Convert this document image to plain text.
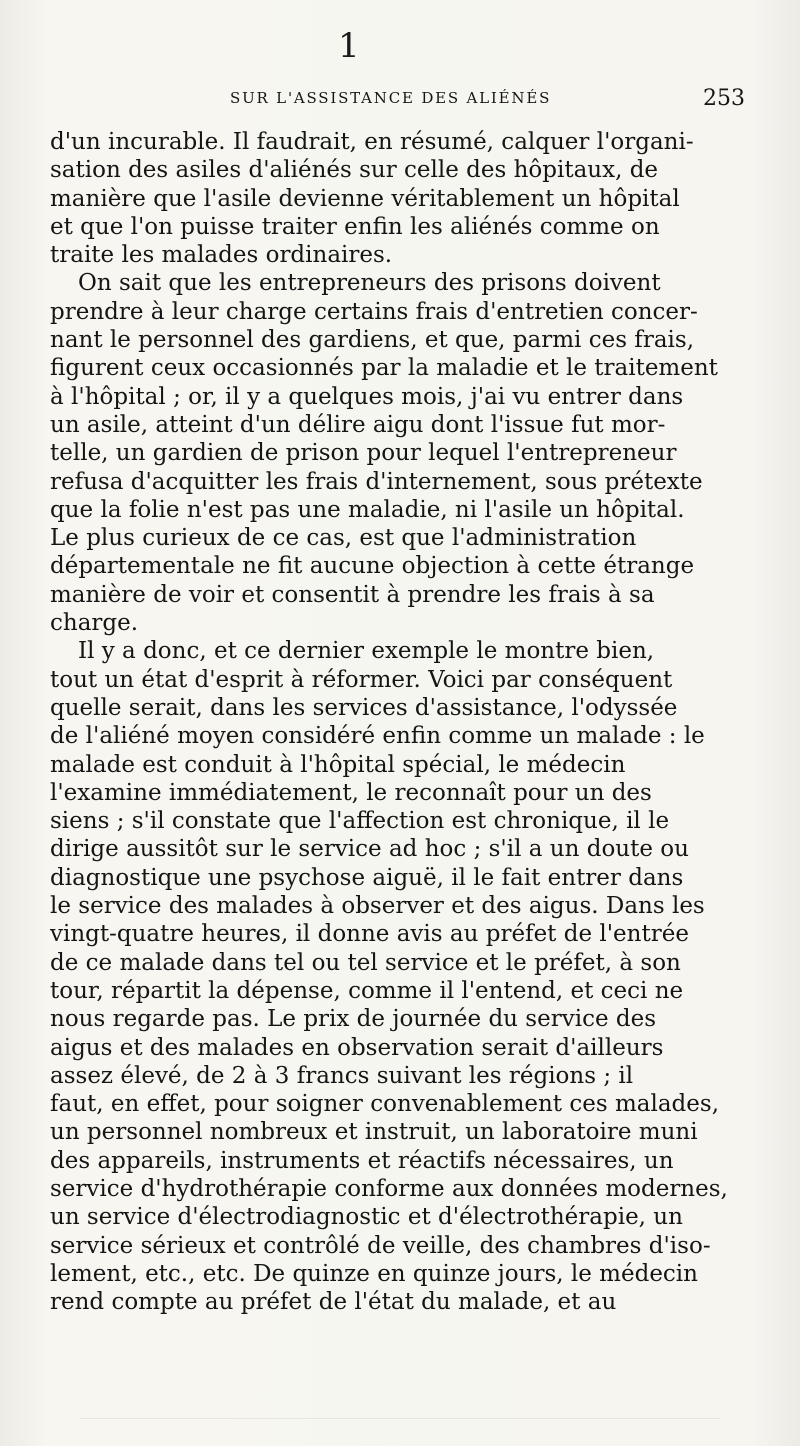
1
SUR L'ASSISTANCE DES ALIÉNÉS	253
d'un incurable. Il faudrait, en résumé, calquer l'organi-
sation des asiles d'aliénés sur celle des hôpitaux, de
manière que l'asile devienne véritablement un hôpital
et que l'on puisse traiter enfin les aliénés comme on
traite les malades ordinaires.
On sait que les entrepreneurs des prisons doivent
prendre à leur charge certains frais d'entretien concer-
nant le personnel des gardiens, et que, parmi ces frais,
figurent ceux occasionnés par la maladie et le traitement
à l'hôpital ; or, il y a quelques mois, j'ai vu entrer dans
un asile, atteint d'un délire aigu dont l'issue fut mor-
telle, un gardien de prison pour lequel l'entrepreneur
refusa d'acquitter les frais d'internement, sous prétexte
que la folie n'est pas une maladie, ni l'asile un hôpital.
Le plus curieux de ce cas, est que l'administration
départementale ne fit aucune objection à cette étrange
manière de voir et consentit à prendre les frais à sa
charge.
Il y a donc, et ce dernier exemple le montre bien,
tout un état d'esprit à réformer. Voici par conséquent
quelle serait, dans les services d'assistance, l'odyssée
de l'aliéné moyen considéré enfin comme un malade : le
malade est conduit à l'hôpital spécial, le médecin
l'examine immédiatement, le reconnaît pour un des
siens ; s'il constate que l'affection est chronique, il le
dirige aussitôt sur le service ad hoc ; s'il a un doute ou
diagnostique une psychose aiguë, il le fait entrer dans
le service des malades à observer et des aigus. Dans les
vingt-quatre heures, il donne avis au préfet de l'entrée
de ce malade dans tel ou tel service et le préfet, à son
tour, répartit la dépense, comme il l'entend, et ceci ne
nous regarde pas. Le prix de journée du service des
aigus et des malades en observation serait d'ailleurs
assez élevé, de 2 à 3 francs suivant les régions ; il
faut, en effet, pour soigner convenablement ces malades,
un personnel nombreux et instruit, un laboratoire muni
des appareils, instruments et réactifs nécessaires, un
service d'hydrothérapie conforme aux données modernes,
un service d'électrodiagnostic et d'électrothérapie, un
service sérieux et contrôlé de veille, des chambres d'iso-
lement, etc., etc. De quinze en quinze jours, le médecin
rend compte au préfet de l'état du malade, et au
